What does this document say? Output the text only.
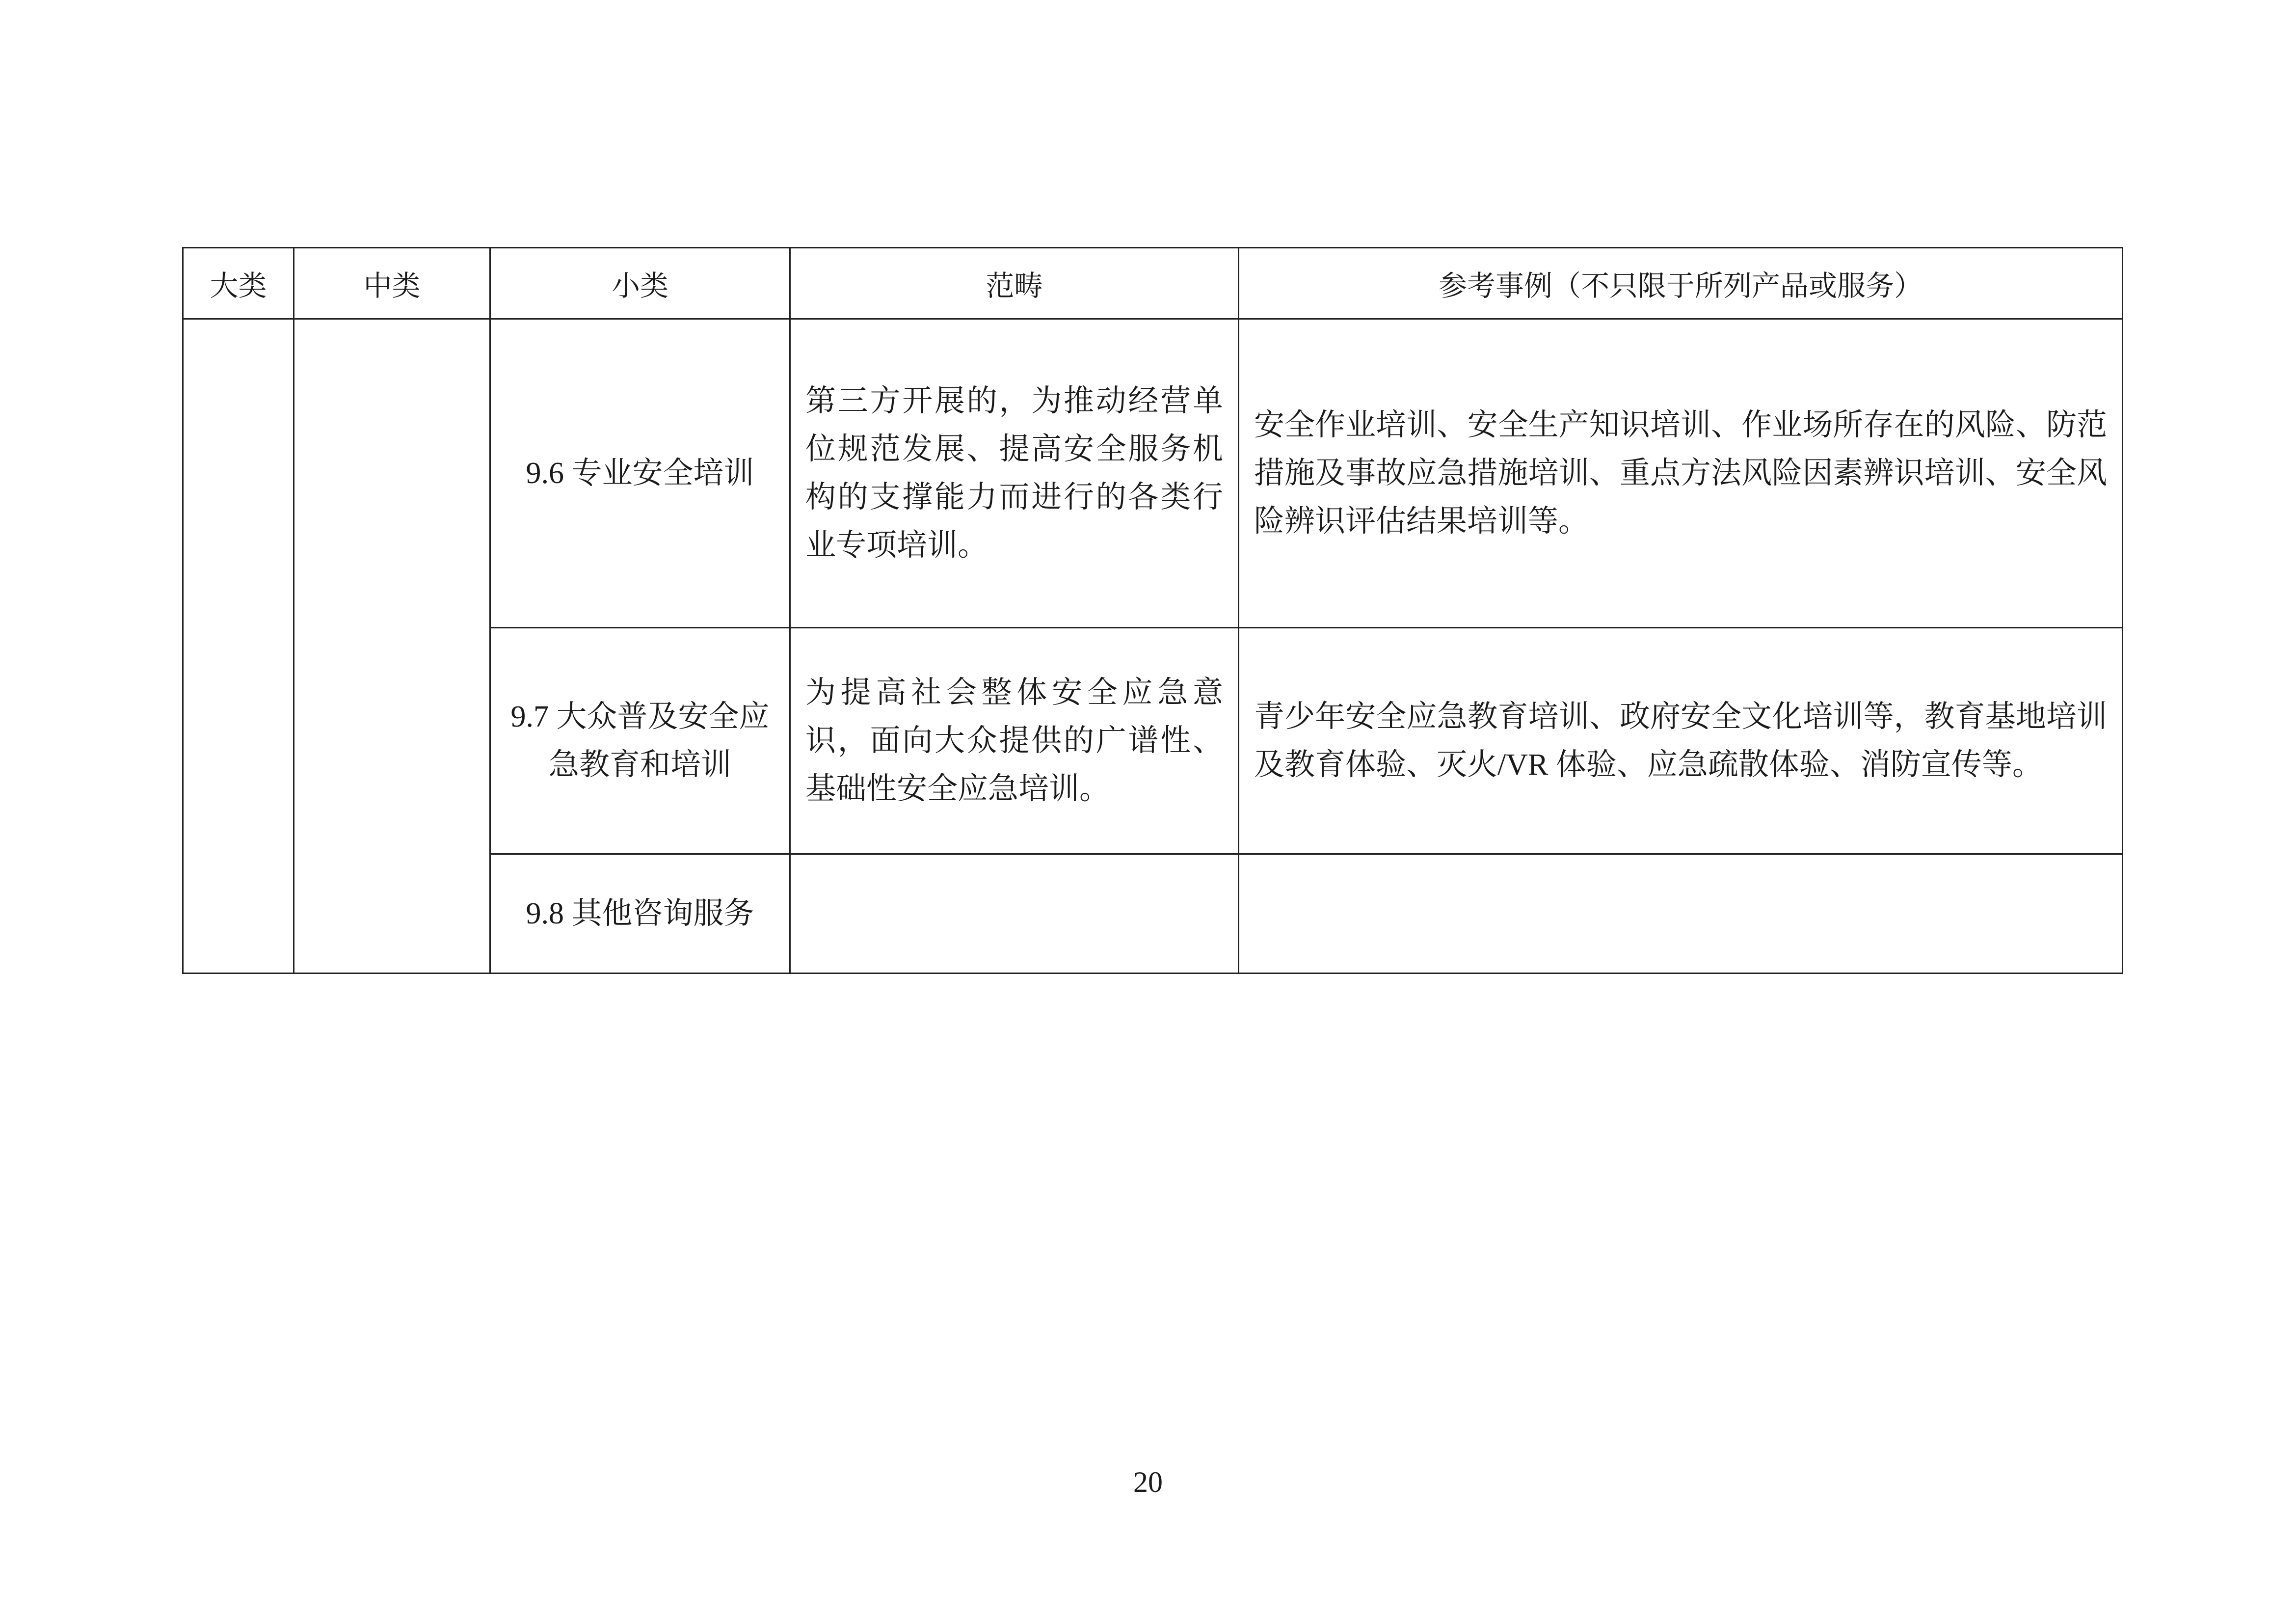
大类	中类	小类	范畴	参考事例（不只限于所列产品或服务）
		9.6 专业安全培训	第三方开展的，为推动经营单位规范发展、提高安全服务机构的支撑能力而进行的各类行业专项培训。	安全作业培训、安全生产知识培训、作业场所存在的风险、防范措施及事故应急措施培训、重点方法风险因素辨识培训、安全风险辨识评估结果培训等。
		9.7 大众普及安全应急教育和培训	为提高社会整体安全应急意识，面向大众提供的广谱性、基础性安全应急培训。	青少年安全应急教育培训、政府安全文化培训等，教育基地培训及教育体验、灭火/VR 体验、应急疏散体验、消防宣传等。
		9.8 其他咨询服务		
20
